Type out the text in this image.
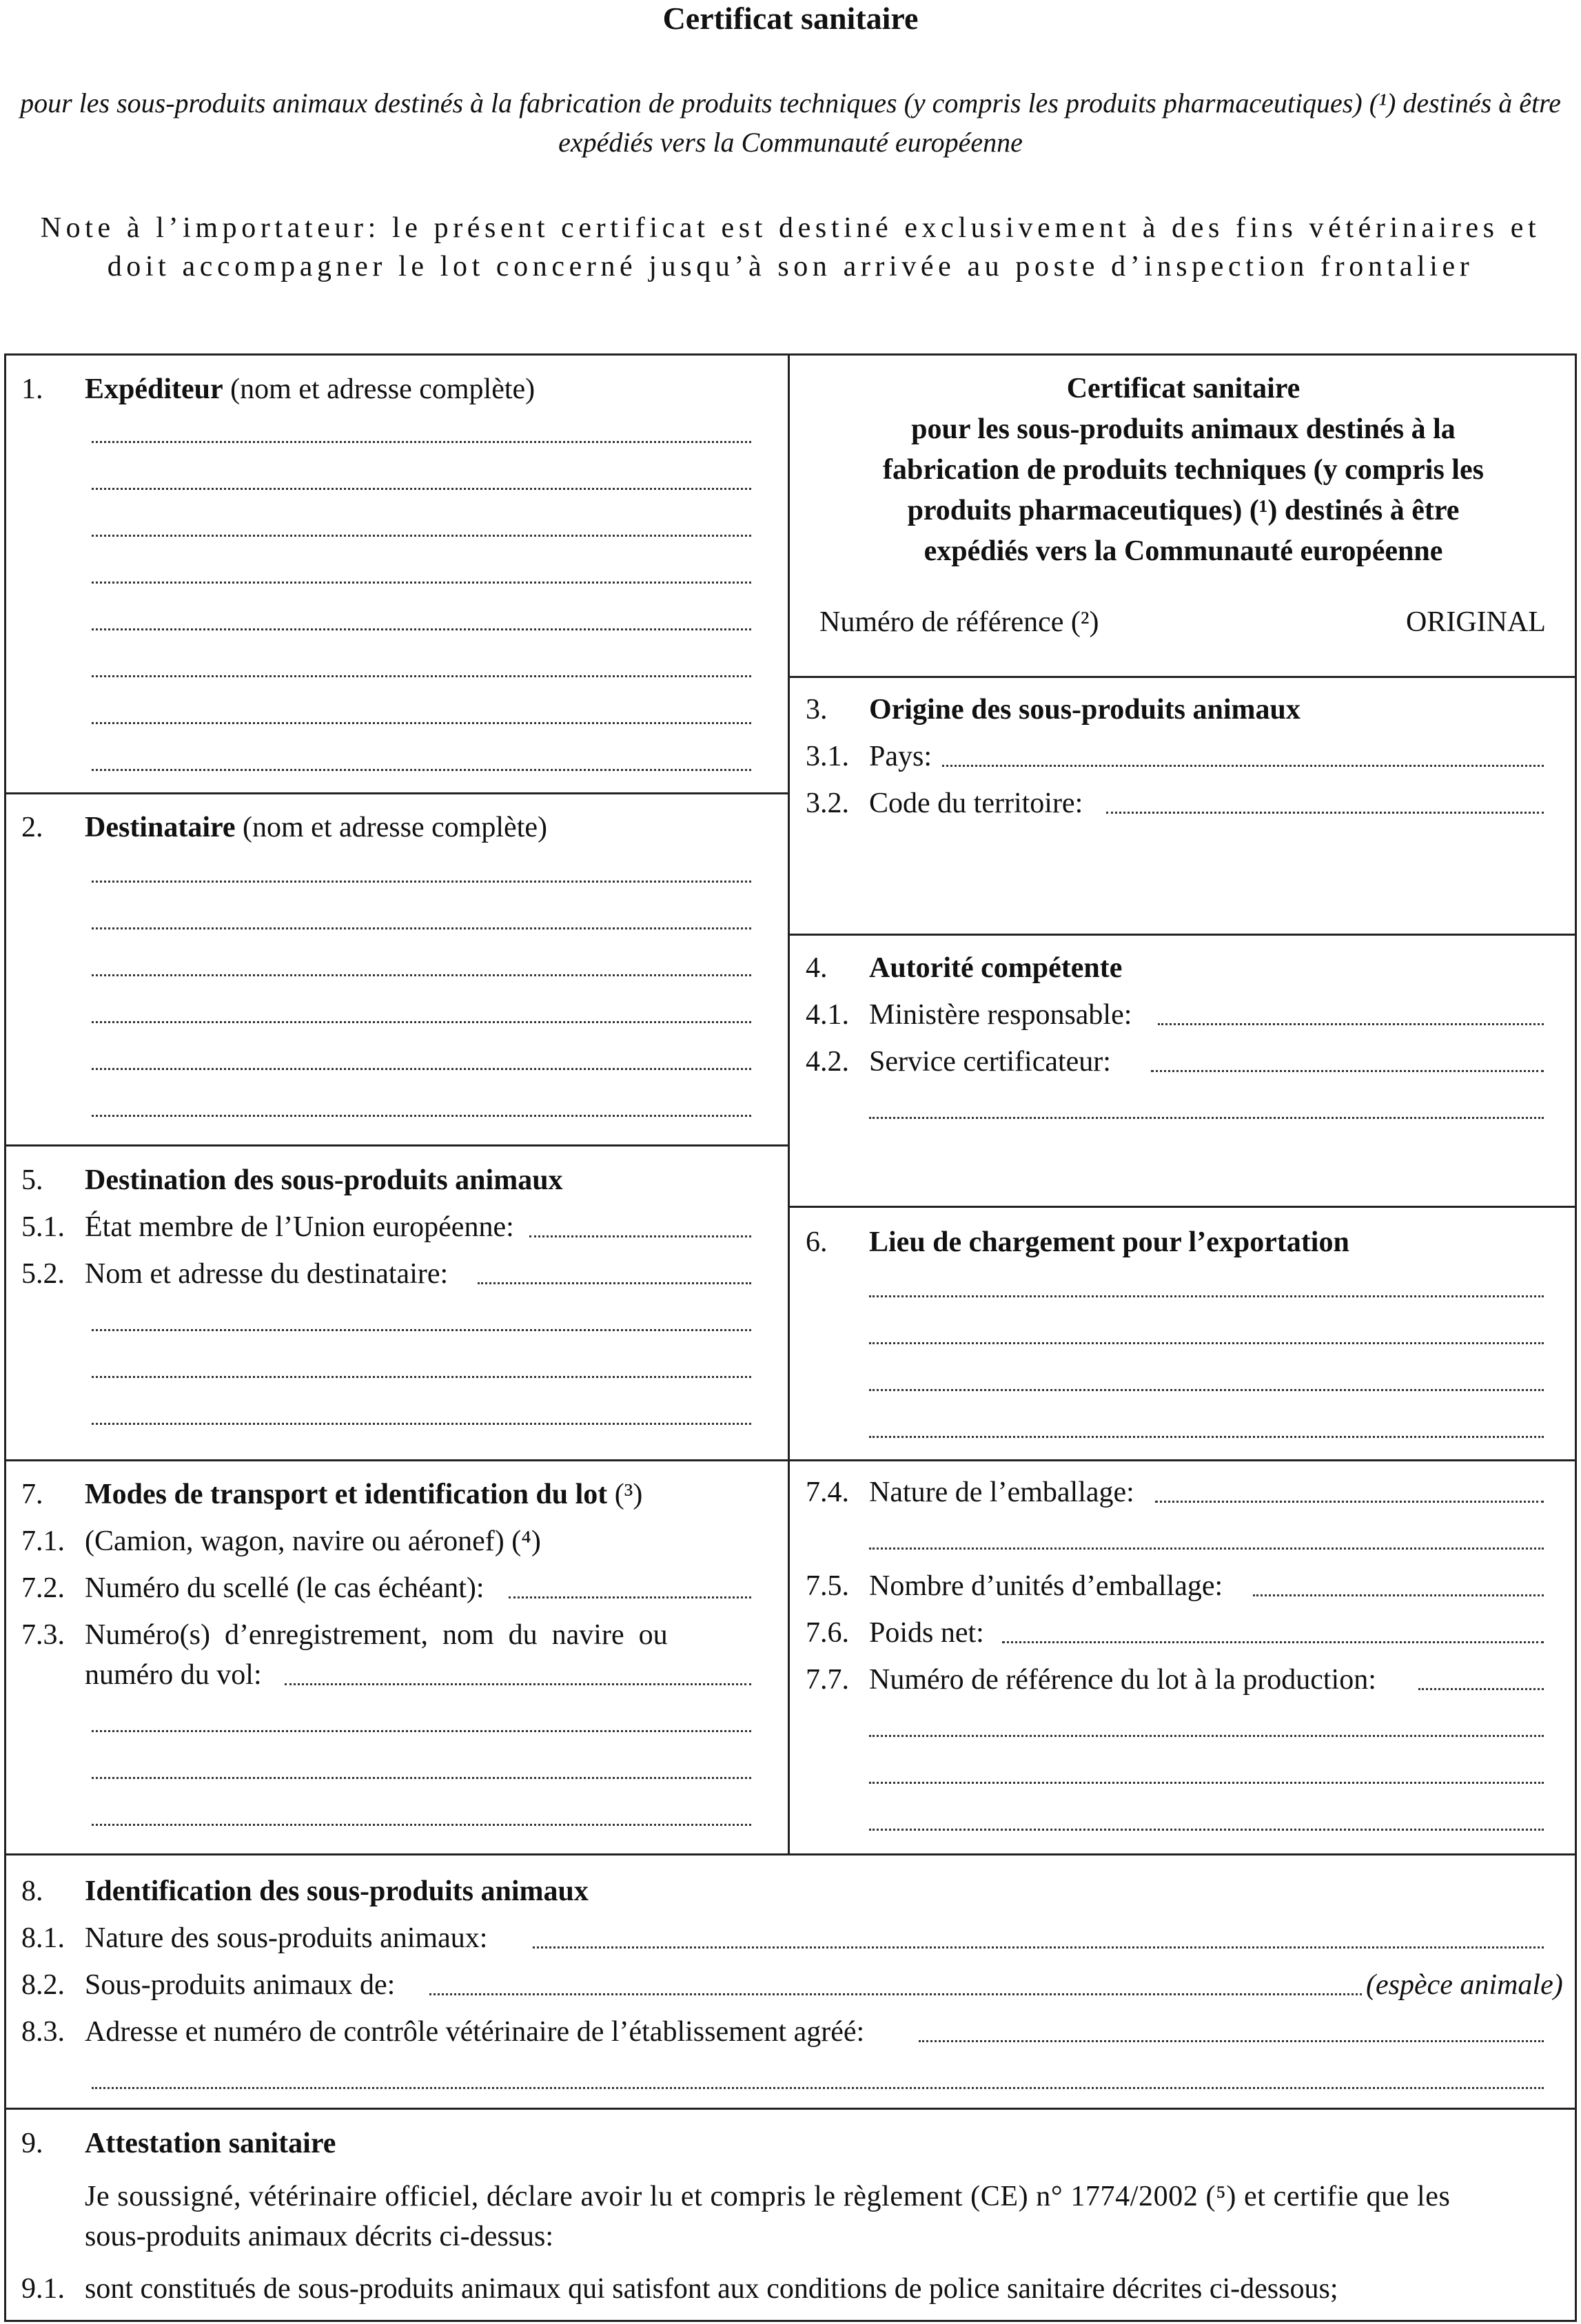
Certificat sanitaire
pour les sous-produits animaux destinés à la fabrication de produits techniques (y compris les produits pharmaceutiques) (¹) destinés à être
expédiés vers la Communauté européenne
Note à l’importateur: le présent certificat est destiné exclusivement à des fins vétérinaires et
doit accompagner le lot concerné jusqu’à son arrivée au poste d’inspection frontalier
1. Expéditeur (nom et adresse complète)	Certificat sanitaire
pour les sous-produits animaux destinés à la
fabrication de produits techniques (y compris les
produits pharmaceutiques) (¹) destinés à être
expédiés vers la Communauté européenne
Numéro de référence (²)	ORIGINAL
3. Origine des sous-produits animaux
3.1. Pays:
3.2. Code du territoire:
2. Destinataire (nom et adresse complète)
4. Autorité compétente
4.1. Ministère responsable:
4.2. Service certificateur:
5. Destination des sous-produits animaux
5.1. État membre de l’Union européenne:
5.2. Nom et adresse du destinataire:
6. Lieu de chargement pour l’exportation
7. Modes de transport et identification du lot (³)
7.1. (Camion, wagon, navire ou aéronef) (⁴)
7.2. Numéro du scellé (le cas échéant):
7.3. Numéro(s)  d’enregistrement,  nom  du  navire  ou
numéro du vol:
7.4. Nature de l’emballage:
7.5. Nombre d’unités d’emballage:
7.6. Poids net:
7.7. Numéro de référence du lot à la production:
8. Identification des sous-produits animaux
8.1. Nature des sous-produits animaux:
8.2. Sous-produits animaux de:	(espèce animale)
8.3. Adresse et numéro de contrôle vétérinaire de l’établissement agréé:
9. Attestation sanitaire
Je soussigné, vétérinaire officiel, déclare avoir lu et compris le règlement (CE) n° 1774/2002 (⁵) et certifie que les
sous-produits animaux décrits ci-dessus:
9.1. sont constitués de sous-produits animaux qui satisfont aux conditions de police sanitaire décrites ci-dessous;
